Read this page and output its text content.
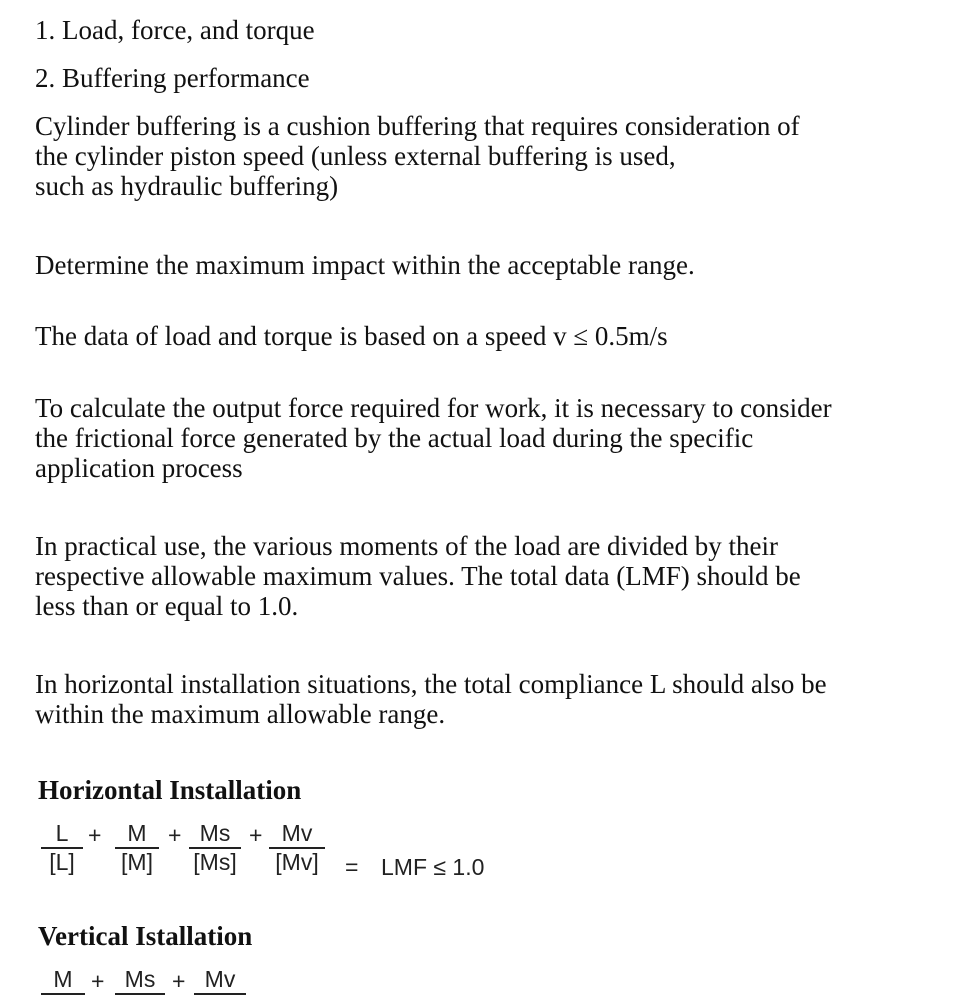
1. Load, force, and torque
2. Buffering performance
Cylinder buffering is a cushion buffering that requires consideration of
the cylinder piston speed (unless external buffering is used,
such as hydraulic buffering)
Determine the maximum impact within the acceptable range.
The data of load and torque is based on a speed v ≤ 0.5m/s
To calculate the output force required for work, it is necessary to consider
the frictional force generated by the actual load during the specific
application process
In practical use, the various moments of the load are divided by their
respective allowable maximum values. The total data (LMF) should be
less than or equal to 1.0.
In horizontal installation situations, the total compliance L should also be
within the maximum allowable range.
Horizontal Installation
$\frac{L}{[L]} + \frac{M}{[M]} + \frac{Ms}{[Ms]} + \frac{Mv}{[Mv]}$ = LMF ≤ 1.0
Vertical Istallation
M + Ms + Mv
